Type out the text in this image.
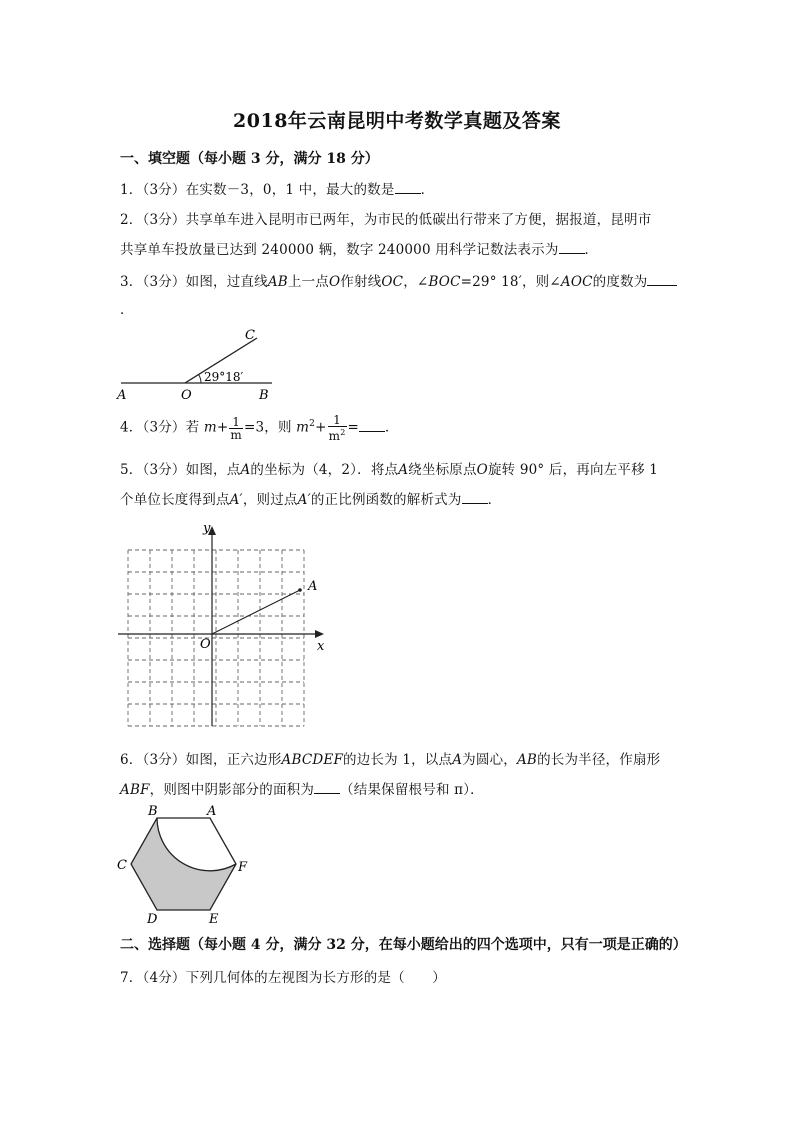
2018年云南昆明中考数学真题及答案
一、填空题（每小题 3 分，满分 18 分）
1．（3分）在实数－3，0，1 中，最大的数是 ．
2．（3分）共享单车进入昆明市已两年，为市民的低碳出行带来了方便，据报道，昆明市
共享单车投放量已达到 240000 辆，数字 240000 用科学记数法表示为 ．
3．（3分）如图，过直线AB上一点O作射线OC，∠BOC=29° 18′，则∠AOC的度数为
．
29°18′
A	O	B
C
4．（3分）若 $m+ \frac{1}{m} =3$，则 $m^2+ \frac{1}{m^2}$ = ．
5．（3分）如图，点A的坐标为（4，2）．将点A绕坐标原点O旋转 90° 后，再向左平移 1
个单位长度得到点A′，则过点A′的正比例函数的解析式为 ．
y
x
O
A
6．（3分）如图，正六边形ABCDEF的边长为 1，以点A为圆心，AB的长为半径，作扇形
ABF，则图中阴影部分的面积为 （结果保留根号和 π）．
B	A
C	F
D	E
二、选择题（每小题 4 分，满分 32 分，在每小题给出的四个选项中，只有一项是正确的）
7．（4分）下列几何体的左视图为长方形的是（　　）
